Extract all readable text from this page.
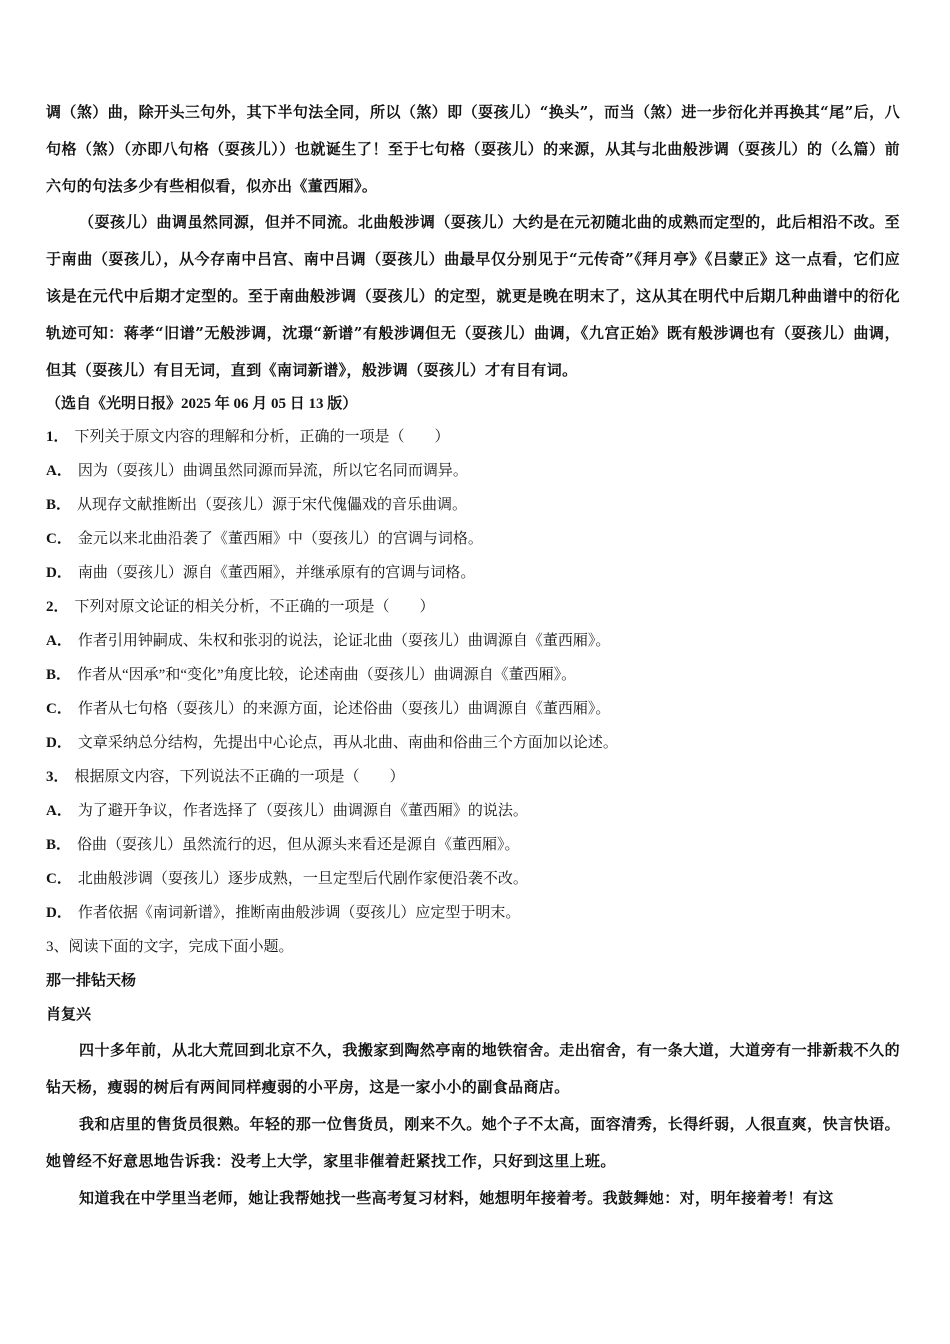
调（煞）曲，除开头三句外，其下半句法全同，所以（煞）即（耍孩儿）“换头”，而当（煞）进一步衍化并再换其“尾”后，八句格（煞）（亦即八句格（耍孩儿））也就诞生了！至于七句格（耍孩儿）的来源，从其与北曲般涉调（耍孩儿）的（么篇）前六句的句法多少有些相似看，似亦出《董西厢》。

（耍孩儿）曲调虽然同源，但并不同流。北曲般涉调（耍孩儿）大约是在元初随北曲的成熟而定型的，此后相沿不改。至于南曲（耍孩儿），从今存南中吕宫、南中吕调（耍孩儿）曲最早仅分别见于“元传奇”《拜月亭》《吕蒙正》这一点看，它们应该是在元代中后期才定型的。至于南曲般涉调（耍孩儿）的定型，就更是晚在明末了，这从其在明代中后期几种曲谱中的衍化轨迹可知：蒋孝“旧谱”无般涉调，沈璟“新谱”有般涉调但无（耍孩儿）曲调，《九宫正始》既有般涉调也有（耍孩儿）曲调，但其（耍孩儿）有目无词，直到《南词新谱》，般涉调（耍孩儿）才有目有词。

（选自《光明日报》2025 年 06 月 05 日 13 版）

1． 下列关于原文内容的理解和分析，正确的一项是（　　）

A． 因为（耍孩儿）曲调虽然同源而异流，所以它名同而调异。

B． 从现存文献推断出（耍孩儿）源于宋代傀儡戏的音乐曲调。

C． 金元以来北曲沿袭了《董西厢》中（耍孩儿）的宫调与词格。

D． 南曲（耍孩儿）源自《董西厢》，并继承原有的宫调与词格。

2． 下列对原文论证的相关分析，不正确的一项是（　　）

A． 作者引用钟嗣成、朱权和张羽的说法，论证北曲（耍孩儿）曲调源自《董西厢》。

B． 作者从“因承”和“变化”角度比较，论述南曲（耍孩儿）曲调源自《董西厢》。

C． 作者从七句格（耍孩儿）的来源方面，论述俗曲（耍孩儿）曲调源自《董西厢》。

D． 文章采纳总分结构，先提出中心论点，再从北曲、南曲和俗曲三个方面加以论述。

3． 根据原文内容，下列说法不正确的一项是（　　）

A． 为了避开争议，作者选择了（耍孩儿）曲调源自《董西厢》的说法。

B． 俗曲（耍孩儿）虽然流行的迟，但从源头来看还是源自《董西厢》。

C． 北曲般涉调（耍孩儿）逐步成熟，一旦定型后代剧作家便沿袭不改。

D． 作者依据《南词新谱》，推断南曲般涉调（耍孩儿）应定型于明末。

3、阅读下面的文字，完成下面小题。

那一排钻天杨

肖复兴

四十多年前，从北大荒回到北京不久，我搬家到陶然亭南的地铁宿舍。走出宿舍，有一条大道，大道旁有一排新栽不久的钻天杨，瘦弱的树后有两间同样瘦弱的小平房，这是一家小小的副食品商店。

我和店里的售货员很熟。年轻的那一位售货员，刚来不久。她个子不太高，面容清秀，长得纤弱，人很直爽，快言快语。她曾经不好意思地告诉我：没考上大学，家里非催着赶紧找工作，只好到这里上班。

知道我在中学里当老师，她让我帮她找一些高考复习材料，她想明年接着考。我鼓舞她：对，明年接着考！有这
